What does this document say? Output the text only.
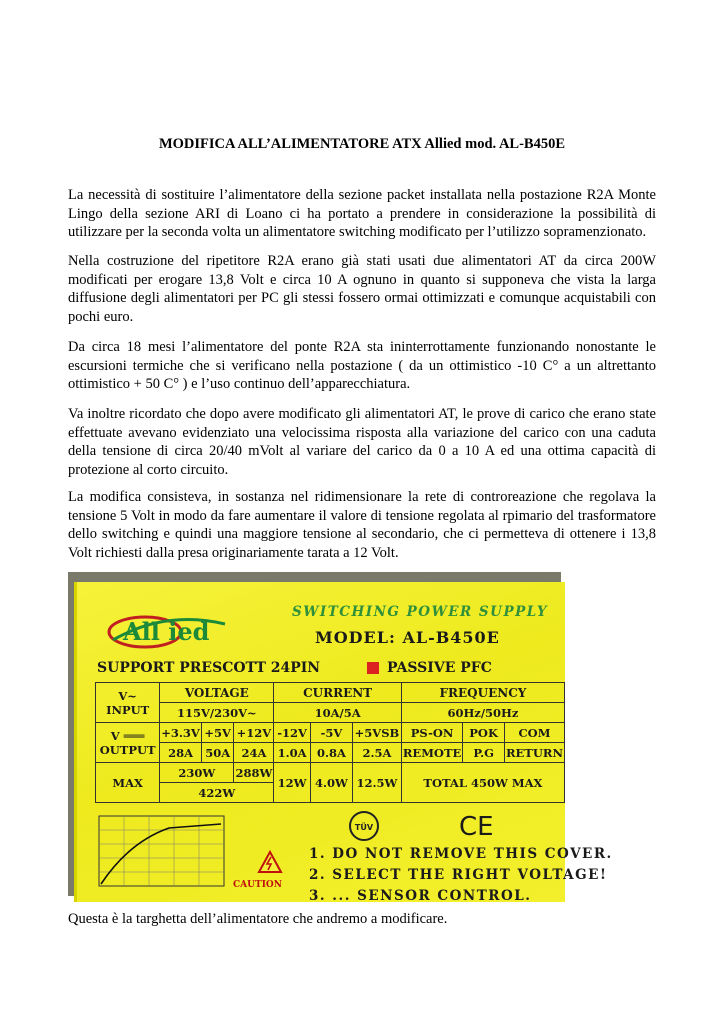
MODIFICA ALL’ALIMENTATORE ATX Allied mod. AL-B450E

La necessità di sostituire l’alimentatore della sezione packet installata nella postazione R2A Monte Lingo della sezione ARI di Loano ci ha portato a prendere in considerazione la possibilità di utilizzare per la seconda volta un alimentatore switching modificato per l’utilizzo sopramenzionato.

Nella costruzione del ripetitore R2A erano già stati usati due alimentatori AT da circa 200W modificati per erogare 13,8 Volt e circa 10 A ognuno in quanto si supponeva che vista la larga diffusione degli alimentatori per PC gli stessi fossero ormai ottimizzati e comunque acquistabili con pochi euro.

Da circa 18 mesi l’alimentatore del ponte R2A sta ininterrottamente funzionando nonostante le escursioni termiche che si verificano nella postazione ( da un ottimistico -10 C° a un altrettanto ottimistico + 50 C° ) e l’uso continuo dell’apparecchiatura.

Va inoltre ricordato che dopo avere modificato gli alimentatori AT, le prove di carico che erano state effettuate avevano evidenziato una velocissima risposta alla variazione del carico con una caduta della tensione di circa 20/40 mVolt al variare del carico da 0 a 10 A ed una ottima capacità di protezione al corto circuito.

La modifica consisteva, in sostanza nel ridimensionare la rete di controreazione che regolava la tensione 5 Volt in modo da fare aumentare il valore di tensione regolata al rpimario del trasformatore dello switching e quindi una maggiore tensione al secondario, che ci permetteva di ottenere i 13,8 Volt richiesti dalla presa originariamente tarata a 12 Volt.

All ied
SWITCHING POWER SUPPLY
MODEL: AL-B450E
SUPPORT PRESCOTT 24PIN	PASSIVE PFC
V~
INPUT	VOLTAGE			CURRENT			FREQUENCY		
	115V/230V~			10A/5A			60Hz/50Hz		

V ═══
OUTPUT	+3.3V	+5V	+12V	-12V	-5V	+5VSB	PS-ON	POK	COM
	28A	50A	24A	1.0A	0.8A	2.5A	REMOTE	P.G	RETURN
MAX	230W		288W	12W	4.0W	12.5W	TOTAL 450W MAX		
	422W								
TÜV	CE
CAUTION
1. DO NOT REMOVE THIS COVER.
2. SELECT THE RIGHT VOLTAGE!
3. ... SENSOR CONTROL.
Questa è la targhetta dell’alimentatore che andremo a modificare.
